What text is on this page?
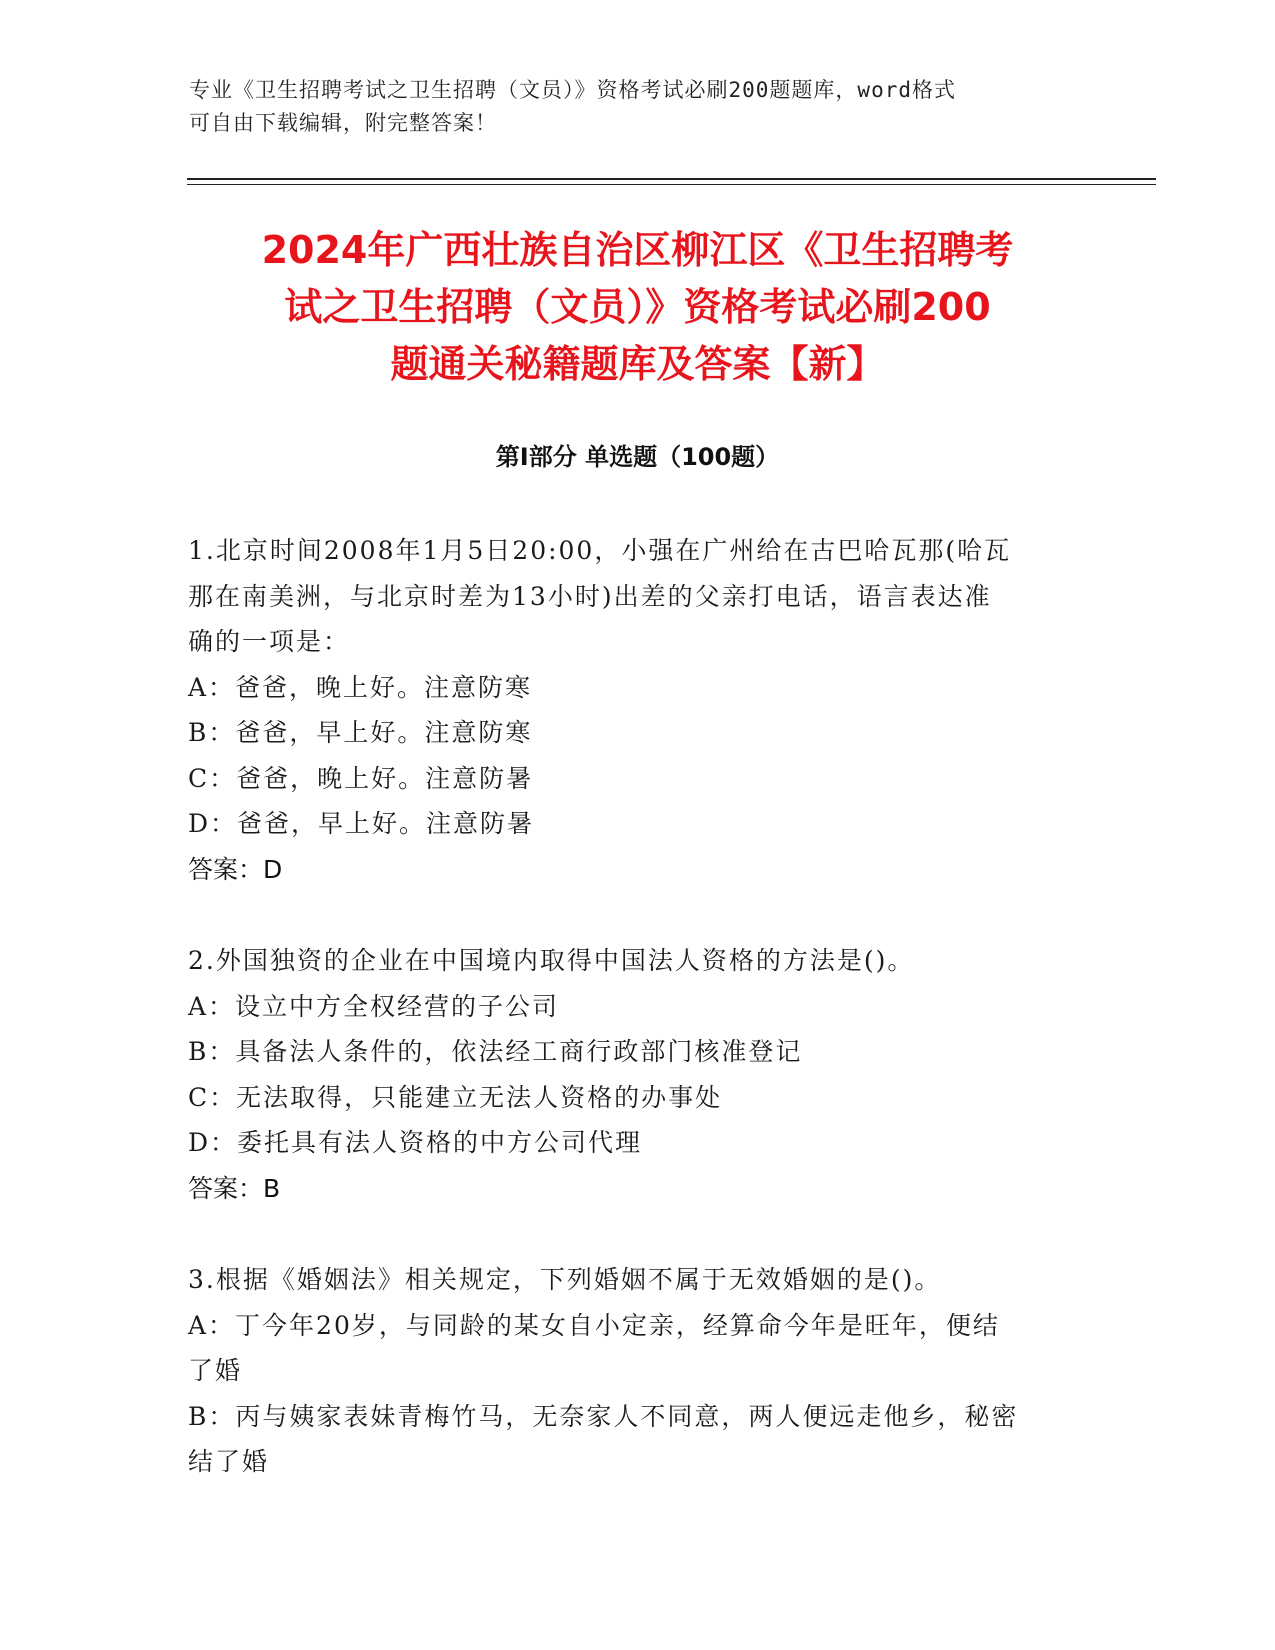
专业《卫生招聘考试之卫生招聘（文员）》资格考试必刷200题题库，word格式
可自由下载编辑，附完整答案！
2024年广西壮族自治区柳江区《卫生招聘考
试之卫生招聘（文员）》资格考试必刷200
题通关秘籍题库及答案【新】
第Ⅰ部分 单选题（100题）
1.北京时间2008年1月5日20:00，小强在广州给在古巴哈瓦那(哈瓦
那在南美洲，与北京时差为13小时)出差的父亲打电话，语言表达准
确的一项是：
A：爸爸，晚上好。注意防寒
B：爸爸，早上好。注意防寒
C：爸爸，晚上好。注意防暑
D：爸爸，早上好。注意防暑
答案：D
2.外国独资的企业在中国境内取得中国法人资格的方法是()。
A：设立中方全权经营的子公司
B：具备法人条件的，依法经工商行政部门核准登记
C：无法取得，只能建立无法人资格的办事处
D：委托具有法人资格的中方公司代理
答案：B
3.根据《婚姻法》相关规定，下列婚姻不属于无效婚姻的是()。
A：丁今年20岁，与同龄的某女自小定亲，经算命今年是旺年，便结
了婚
B：丙与姨家表妹青梅竹马，无奈家人不同意，两人便远走他乡，秘密
结了婚
